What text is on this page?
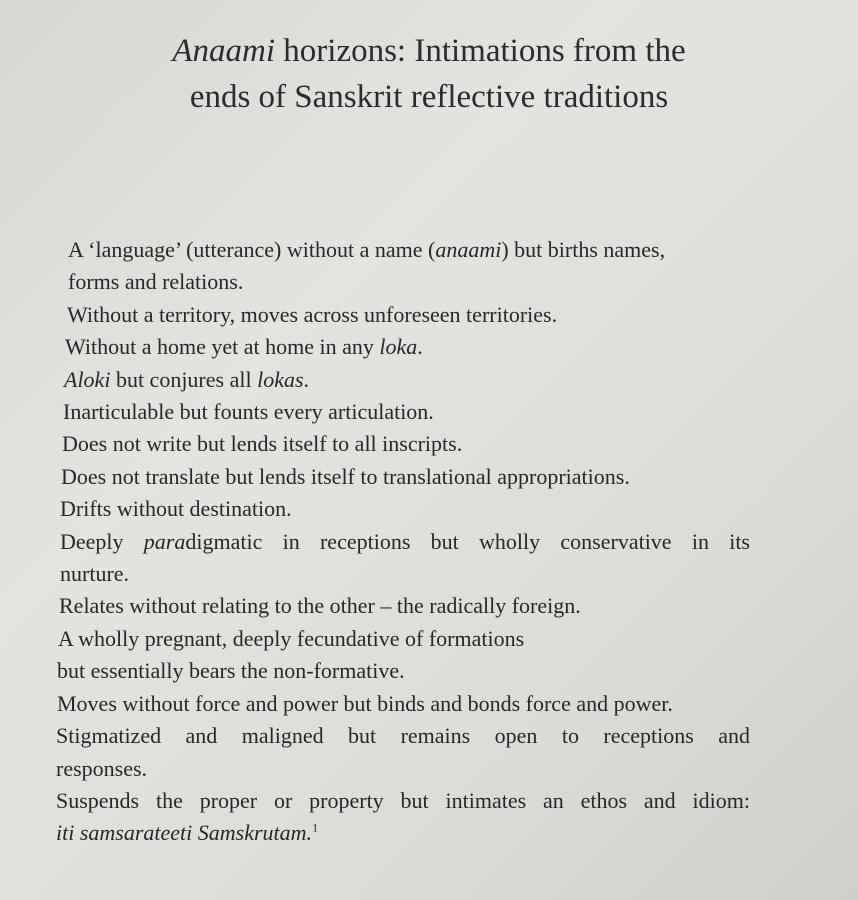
Anaami horizons: Intimations from the
ends of Sanskrit reflective traditions
A ‘language’ (utterance) without a name (anaami) but births names,
forms and relations.
Without a territory, moves across unforeseen territories.
Without a home yet at home in any loka.
Aloki but conjures all lokas.
Inarticulable but founts every articulation.
Does not write but lends itself to all inscripts.
Does not translate but lends itself to translational appropriations.
Drifts without destination.
Deeply paradigmatic in receptions but wholly conservative in its
nurture.
Relates without relating to the other – the radically foreign.
A wholly pregnant, deeply fecundative of formations
but essentially bears the non-formative.
Moves without force and power but binds and bonds force and power.
Stigmatized and maligned but remains open to receptions and
responses.
Suspends the proper or property but intimates an ethos and idiom:
iti samsarateeti Samskrutam.$^1$
